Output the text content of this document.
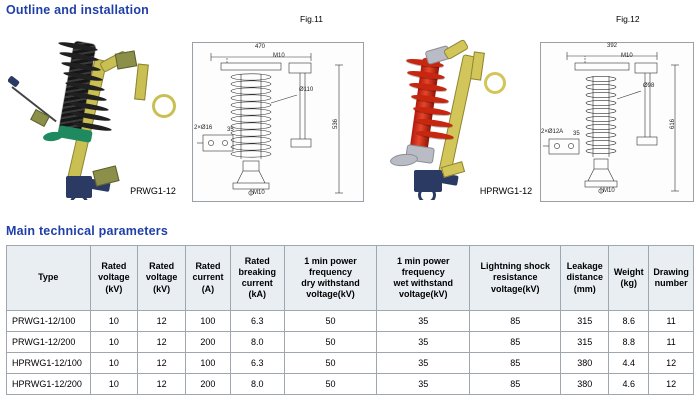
Outline and installation
PRWG1-12
Fig.11
470
M10
Ø110
536
2×Ø16 35
M10	HPRWG1-12
Fig.12
392
M10
Ø98
616
2×Ø12A 35
M10
Main technical parameters
Type	Rated
voltage
(kV)	Rated
voltage
(kV)	Rated
current
(A)	Rated
breaking
current
(kA)	1 min power frequency
dry withstand
voltage(kV)	1 min power frequency
wet withstand
voltage(kV)	Lightning shock
resistance voltage(kV)	Leakage
distance
(mm)	Weight
(kg)	Drawing
number
PRWG1-12/100	10	12	100	6.3	50	35	85	315	8.6	11
PRWG1-12/200	10	12	200	8.0	50	35	85	315	8.8	11
HPRWG1-12/100	10	12	100	6.3	50	35	85	380	4.4	12
HPRWG1-12/200	10	12	200	8.0	50	35	85	380	4.6	12
